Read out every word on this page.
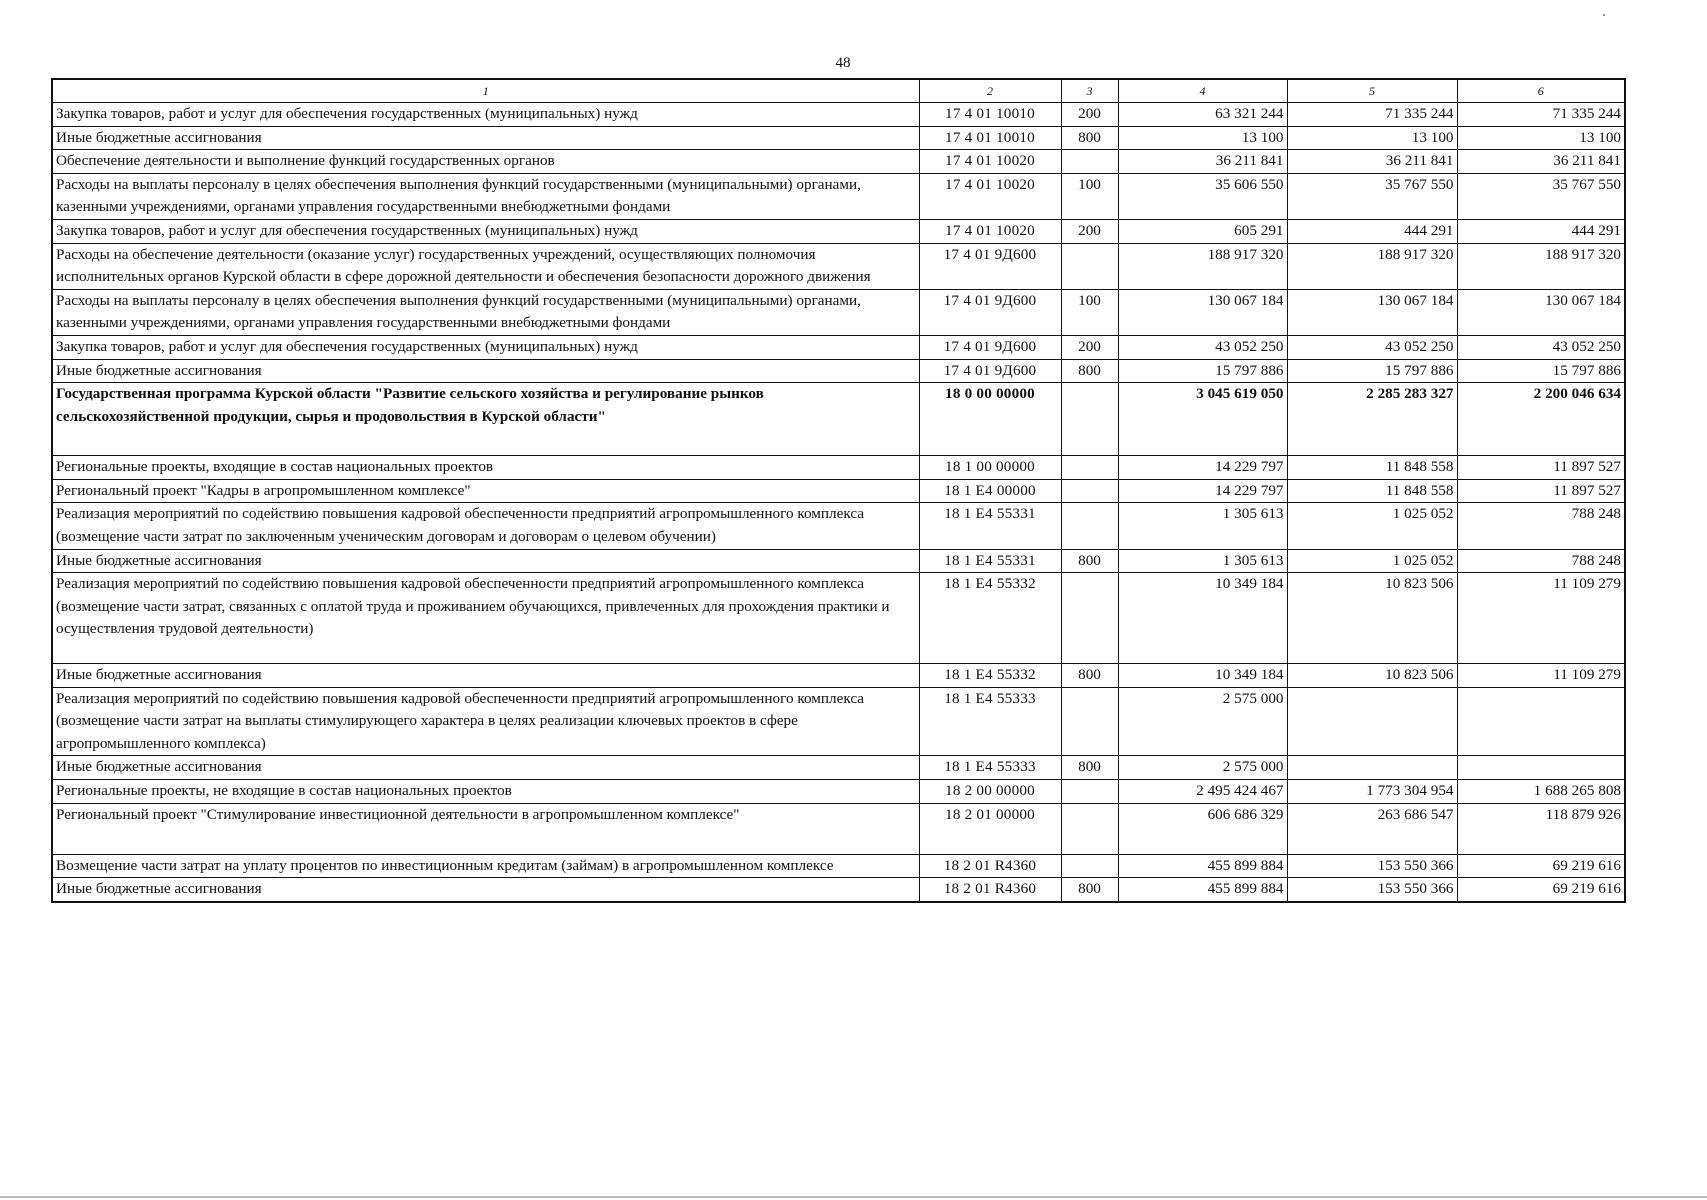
48
1	2	3	4	5	6
Закупка товаров, работ и услуг для обеспечения государственных (муниципальных) нужд	17 4 01 10010	200	63 321 244	71 335 244	71 335 244
Иные бюджетные ассигнования	17 4 01 10010	800	13 100	13 100	13 100
Обеспечение деятельности и выполнение функций государственных органов	17 4 01 10020		36 211 841	36 211 841	36 211 841
Расходы на выплаты персоналу в целях обеспечения выполнения функций государственными (муниципальными) органами, казенными учреждениями, органами управления государственными внебюджетными фондами	17 4 01 10020	100	35 606 550	35 767 550	35 767 550
Закупка товаров, работ и услуг для обеспечения государственных (муниципальных) нужд	17 4 01 10020	200	605 291	444 291	444 291
Расходы на обеспечение деятельности (оказание услуг) государственных учреждений, осуществляющих полномочия исполнительных органов Курской области в сфере дорожной деятельности и обеспечения безопасности дорожного движения	17 4 01 9Д600		188 917 320	188 917 320	188 917 320
Расходы на выплаты персоналу в целях обеспечения выполнения функций государственными (муниципальными) органами, казенными учреждениями, органами управления государственными внебюджетными фондами	17 4 01 9Д600	100	130 067 184	130 067 184	130 067 184
Закупка товаров, работ и услуг для обеспечения государственных (муниципальных) нужд	17 4 01 9Д600	200	43 052 250	43 052 250	43 052 250
Иные бюджетные ассигнования	17 4 01 9Д600	800	15 797 886	15 797 886	15 797 886
Государственная программа Курской области "Развитие сельского хозяйства и регулирование рынков сельскохозяйственной продукции, сырья и продовольствия в Курской области"	18 0 00 00000		3 045 619 050	2 285 283 327	2 200 046 634
Региональные проекты, входящие в состав национальных проектов	18 1 00 00000		14 229 797	11 848 558	11 897 527
Региональный проект "Кадры в агропромышленном комплексе"	18 1 Е4 00000		14 229 797	11 848 558	11 897 527
Реализация мероприятий по содействию повышения кадровой обеспеченности предприятий агропромышленного комплекса (возмещение части затрат по заключенным ученическим договорам и договорам о целевом обучении)	18 1 Е4 55331		1 305 613	1 025 052	788 248
Иные бюджетные ассигнования	18 1 Е4 55331	800	1 305 613	1 025 052	788 248
Реализация мероприятий по содействию повышения кадровой обеспеченности предприятий агропромышленного комплекса (возмещение части затрат, связанных с оплатой труда и проживанием обучающихся, привлеченных для прохождения практики и осуществления трудовой деятельности)	18 1 Е4 55332		10 349 184	10 823 506	11 109 279
Иные бюджетные ассигнования	18 1 Е4 55332	800	10 349 184	10 823 506	11 109 279
Реализация мероприятий по содействию повышения кадровой обеспеченности предприятий агропромышленного комплекса (возмещение части затрат на выплаты стимулирующего характера в целях реализации ключевых проектов в сфере агропромышленного комплекса)	18 1 Е4 55333		2 575 000		
Иные бюджетные ассигнования	18 1 Е4 55333	800	2 575 000		
Региональные проекты, не входящие в состав национальных проектов	18 2 00 00000		2 495 424 467	1 773 304 954	1 688 265 808
Региональный проект "Стимулирование инвестиционной деятельности в агропромышленном комплексе"	18 2 01 00000		606 686 329	263 686 547	118 879 926
Возмещение части затрат на уплату процентов по инвестиционным кредитам (займам) в агропромышленном комплексе	18 2 01 R4360		455 899 884	153 550 366	69 219 616
Иные бюджетные ассигнования	18 2 01 R4360	800	455 899 884	153 550 366	69 219 616
